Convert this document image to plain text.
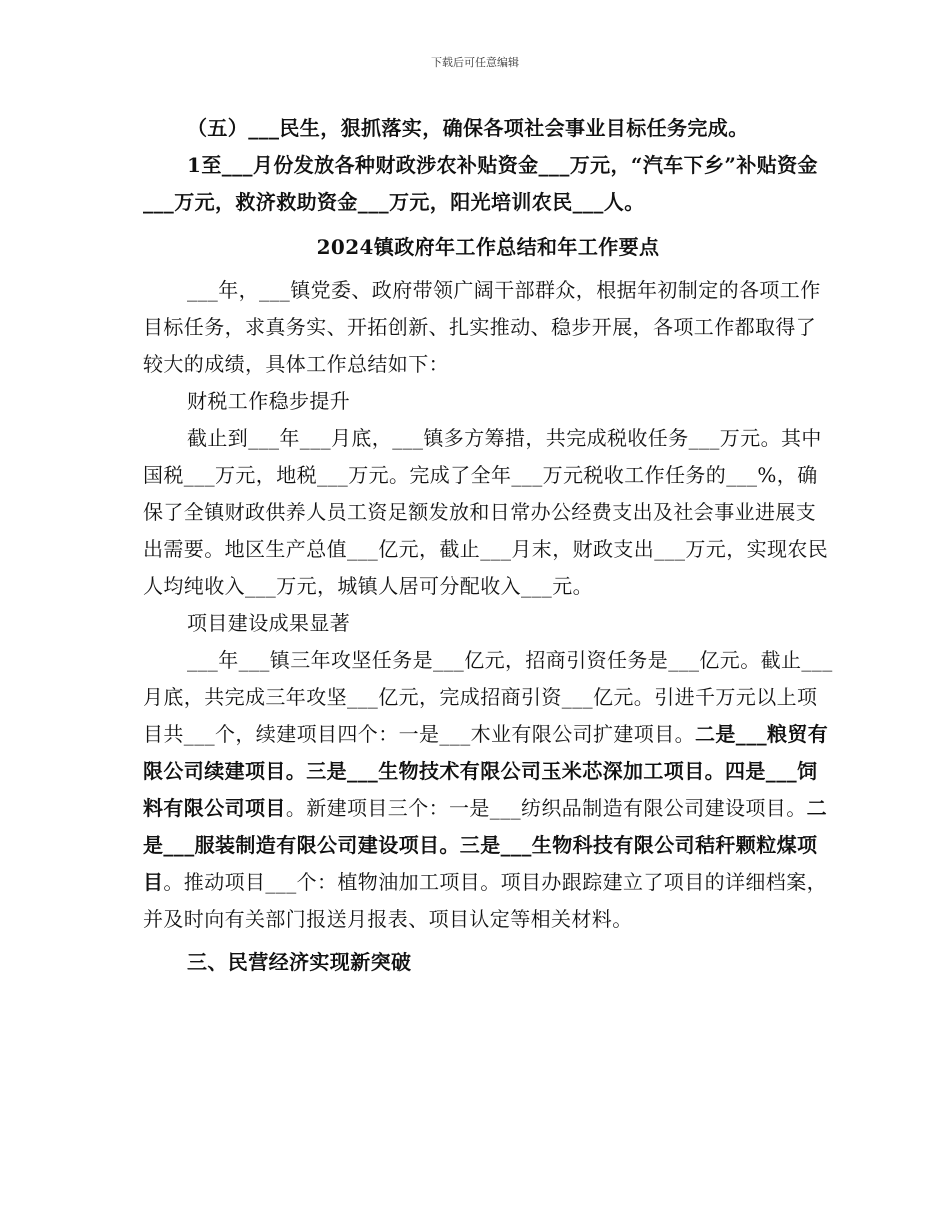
下载后可任意编辑

（五）___民生，狠抓落实，确保各项社会事业目标任务完成。

1至___月份发放各种财政涉农补贴资金___万元，“汽车下乡”补贴资金___万元，救济救助资金___万元，阳光培训农民___人。

2024镇政府年工作总结和年工作要点

___年，___镇党委、政府带领广阔干部群众，根据年初制定的各项工作目标任务，求真务实、开拓创新、扎实推动、稳步开展，各项工作都取得了较大的成绩，具体工作总结如下：

财税工作稳步提升

截止到___年___月底，___镇多方筹措，共完成税收任务___万元。其中国税___万元，地税___万元。完成了全年___万元税收工作任务的___%，确保了全镇财政供养人员工资足额发放和日常办公经费支出及社会事业进展支出需要。地区生产总值___亿元，截止___月末，财政支出___万元，实现农民人均纯收入___万元，城镇人居可分配收入___元。

项目建设成果显著

___年___镇三年攻坚任务是___亿元，招商引资任务是___亿元。截止___月底，共完成三年攻坚___亿元，完成招商引资___亿元。引进千万元以上项目共___个，续建项目四个：一是___木业有限公司扩建项目。二是___粮贸有限公司续建项目。三是___生物技术有限公司玉米芯深加工项目。四是___饲料有限公司项目。新建项目三个：一是___纺织品制造有限公司建设项目。二是___服装制造有限公司建设项目。三是___生物科技有限公司秸秆颗粒煤项目。推动项目___个：植物油加工项目。项目办跟踪建立了项目的详细档案，并及时向有关部门报送月报表、项目认定等相关材料。

三、民营经济实现新突破
